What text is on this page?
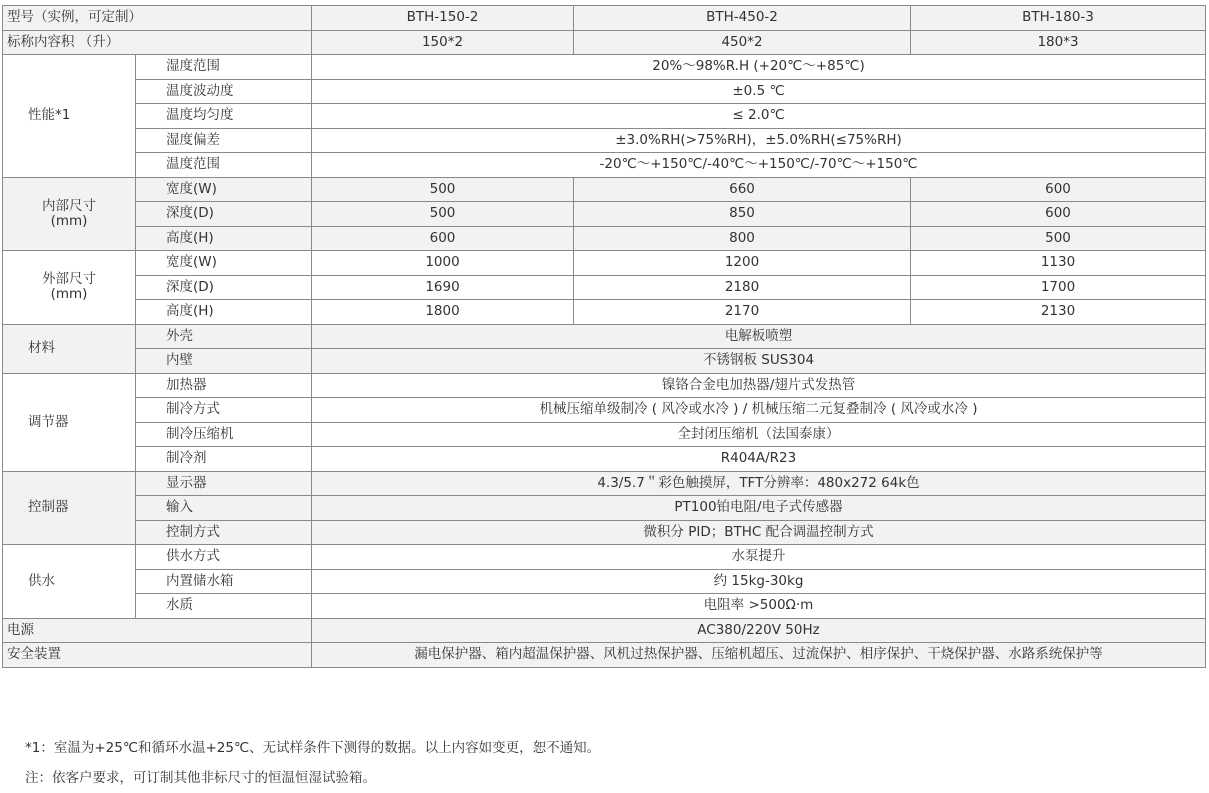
型号（实例，可定制）		BTH-150-2	BTH-450-2	BTH-180-3
标称内容积 （升）		150*2	450*2	180*3
性能*1	湿度范围	20%～98%R.H (+20℃～+85℃)		
	温度波动度	±0.5 ℃		
	温度均匀度	≤ 2.0℃		
	湿度偏差	±3.0%RH(>75%RH)，±5.0%RH(≤75%RH)		
	温度范围	-20℃～+150℃/-40℃～+150℃/-70℃～+150℃		

内部尺寸
(mm)	宽度(W)	500	660	600
	深度(D)	500	850	600
	高度(H)	600	800	500

外部尺寸
(mm)	宽度(W)	1000	1200	1130
	深度(D)	1690	2180	1700
	高度(H)	1800	2170	2130
材料	外壳	电解板喷塑		
	内壁	不锈钢板 SUS304		
调节器	加热器	镍铬合金电加热器/翅片式发热管		
	制冷方式	机械压缩单级制冷 ( 风冷或水冷 ) / 机械压缩二元复叠制冷 ( 风冷或水冷 )		
	制冷压缩机	全封闭压缩机（法国泰康）		
	制冷剂	R404A/R23		
控制器	显示器	4.3/5.7＂彩色触摸屏，TFT分辨率：480x272 64k色		
	输入	PT100铂电阻/电子式传感器		
	控制方式	微积分 PID；BTHC 配合调温控制方式		
供水	供水方式	水泵提升		
	内置储水箱	约 15kg-30kg		
	水质	电阻率 >500Ω·m		
电源		AC380/220V 50Hz		
安全装置		漏电保护器、箱内超温保护器、风机过热保护器、压缩机超压、过流保护、相序保护、干烧保护器、水路系统保护等		
*1：室温为+25℃和循环水温+25℃、无试样条件下测得的数据。以上内容如变更，恕不通知。
注：依客户要求，可订制其他非标尺寸的恒温恒湿试验箱。
